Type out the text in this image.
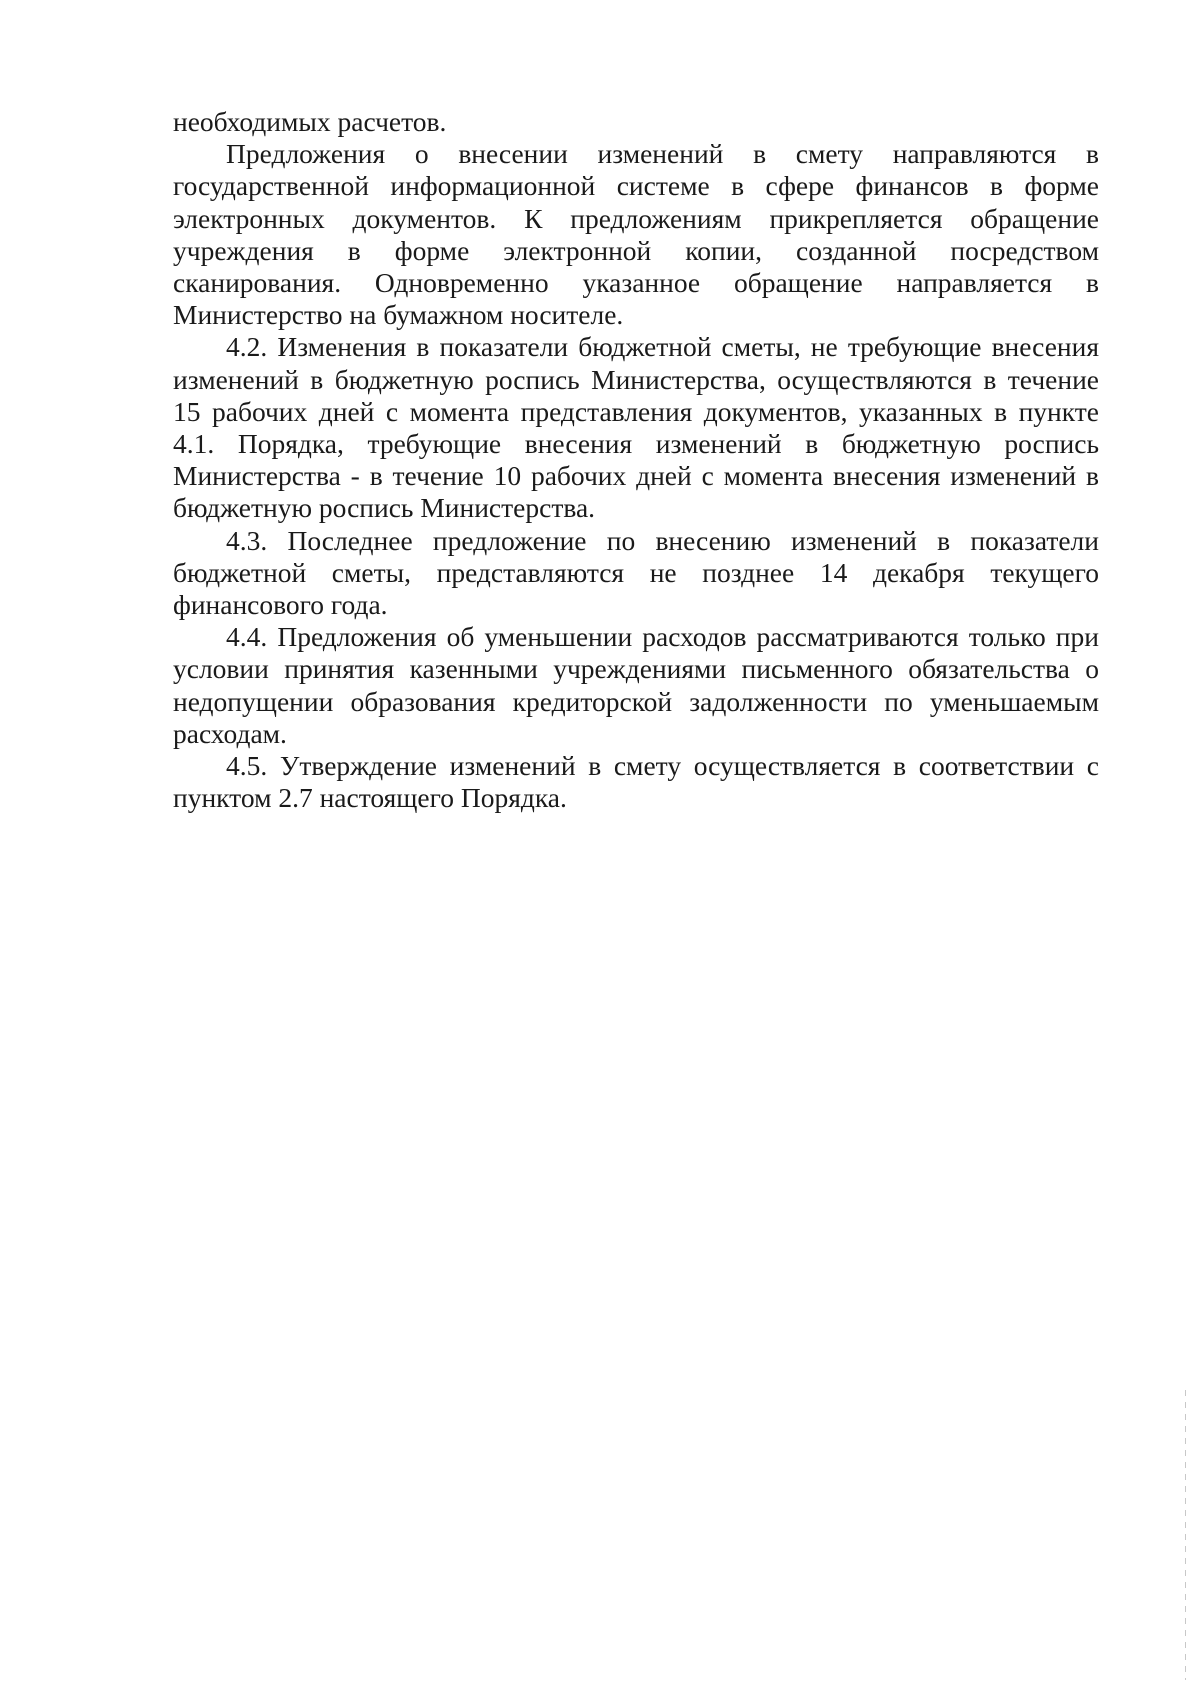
необходимых расчетов.

Предложения о внесении изменений в смету направляются в государственной информационной системе в сфере финансов в форме электронных документов. К предложениям прикрепляется обращение учреждения в форме электронной копии, созданной посредством сканирования. Одновременно указанное обращение направляется в Министерство на бумажном носителе.

4.2. Изменения в показатели бюджетной сметы, не требующие внесения изменений в бюджетную роспись Министерства, осуществляются в течение 15 рабочих дней с момента представления документов, указанных в пункте 4.1. Порядка, требующие внесения изменений в бюджетную роспись Министерства - в течение 10 рабочих дней с момента внесения изменений в бюджетную роспись Министерства.

4.3. Последнее предложение по внесению изменений в показатели бюджетной сметы, представляются не позднее 14 декабря текущего финансового года.

4.4. Предложения об уменьшении расходов рассматриваются только при условии принятия казенными учреждениями письменного обязательства о недопущении образования кредиторской задолженности по уменьшаемым расходам.

4.5. Утверждение изменений в смету осуществляется в соответствии с пунктом 2.7 настоящего Порядка.
